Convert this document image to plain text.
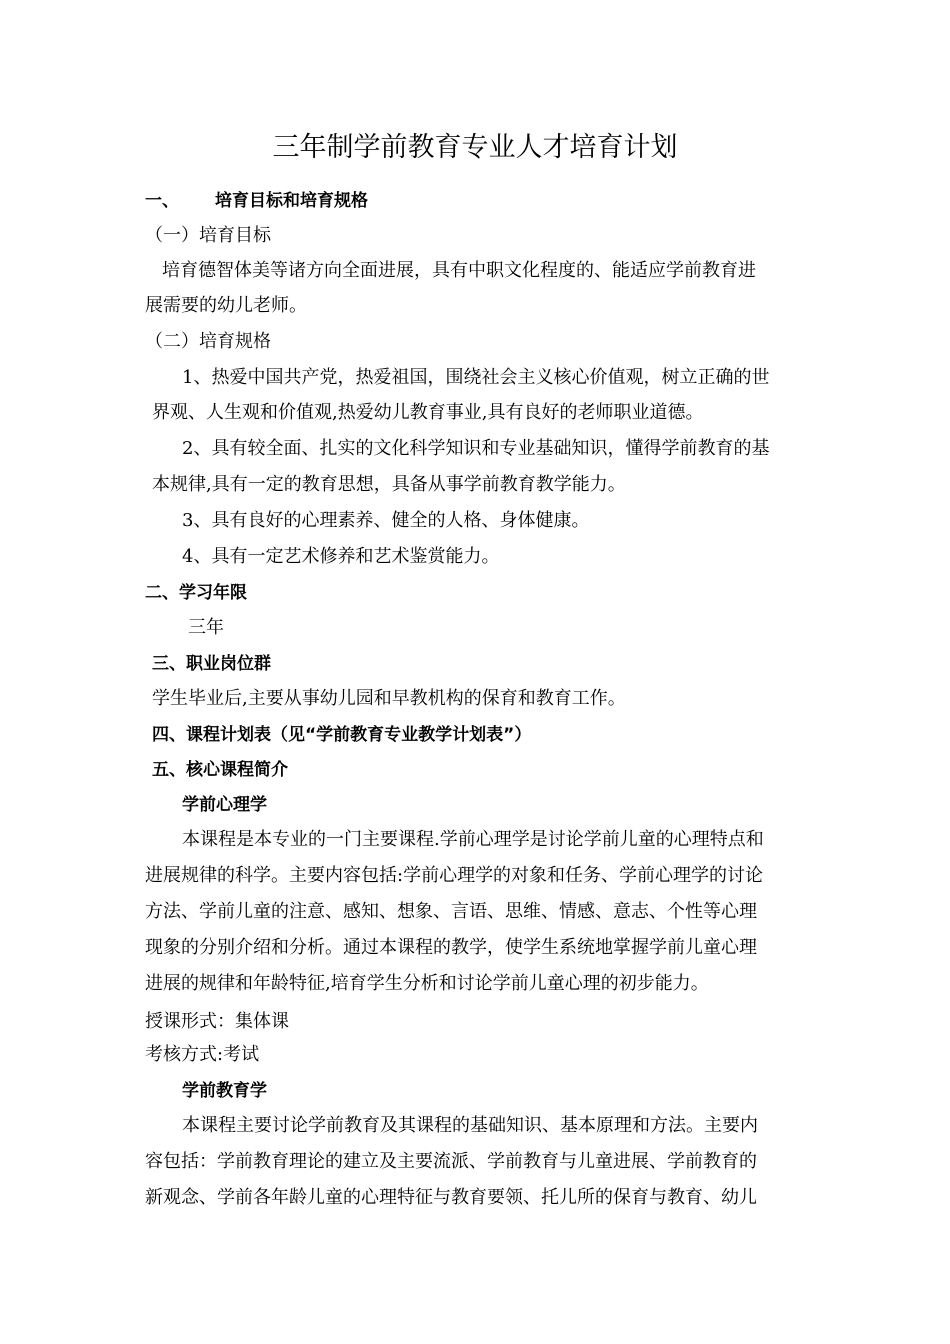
三年制学前教育专业人才培育计划
一、 培育目标和培育规格
（一）培育目标
培育德智体美等诸方向全面进展，具有中职文化程度的、能适应学前教育进
展需要的幼儿老师。
（二）培育规格
1、热爱中国共产党，热爱祖国，围绕社会主义核心价值观，树立正确的世
界观、人生观和价值观,热爱幼儿教育事业,具有良好的老师职业道德。
2、具有较全面、扎实的文化科学知识和专业基础知识，懂得学前教育的基
本规律,具有一定的教育思想，具备从事学前教育教学能力。
3、具有良好的心理素养、健全的人格、身体健康。
4、具有一定艺术修养和艺术鉴赏能力。
二、学习年限
三年
三、职业岗位群
学生毕业后,主要从事幼儿园和早教机构的保育和教育工作。
四、课程计划表（见“学前教育专业教学计划表”）
五、核心课程简介
学前心理学
本课程是本专业的一门主要课程.学前心理学是讨论学前儿童的心理特点和
进展规律的科学。主要内容包括:学前心理学的对象和任务、学前心理学的讨论
方法、学前儿童的注意、感知、想象、言语、思维、情感、意志、个性等心理
现象的分别介绍和分析。通过本课程的教学，使学生系统地掌握学前儿童心理
进展的规律和年龄特征,培育学生分析和讨论学前儿童心理的初步能力。
授课形式：集体课
考核方式:考试
学前教育学
本课程主要讨论学前教育及其课程的基础知识、基本原理和方法。主要内
容包括：学前教育理论的建立及主要流派、学前教育与儿童进展、学前教育的
新观念、学前各年龄儿童的心理特征与教育要领、托儿所的保育与教育、幼儿
